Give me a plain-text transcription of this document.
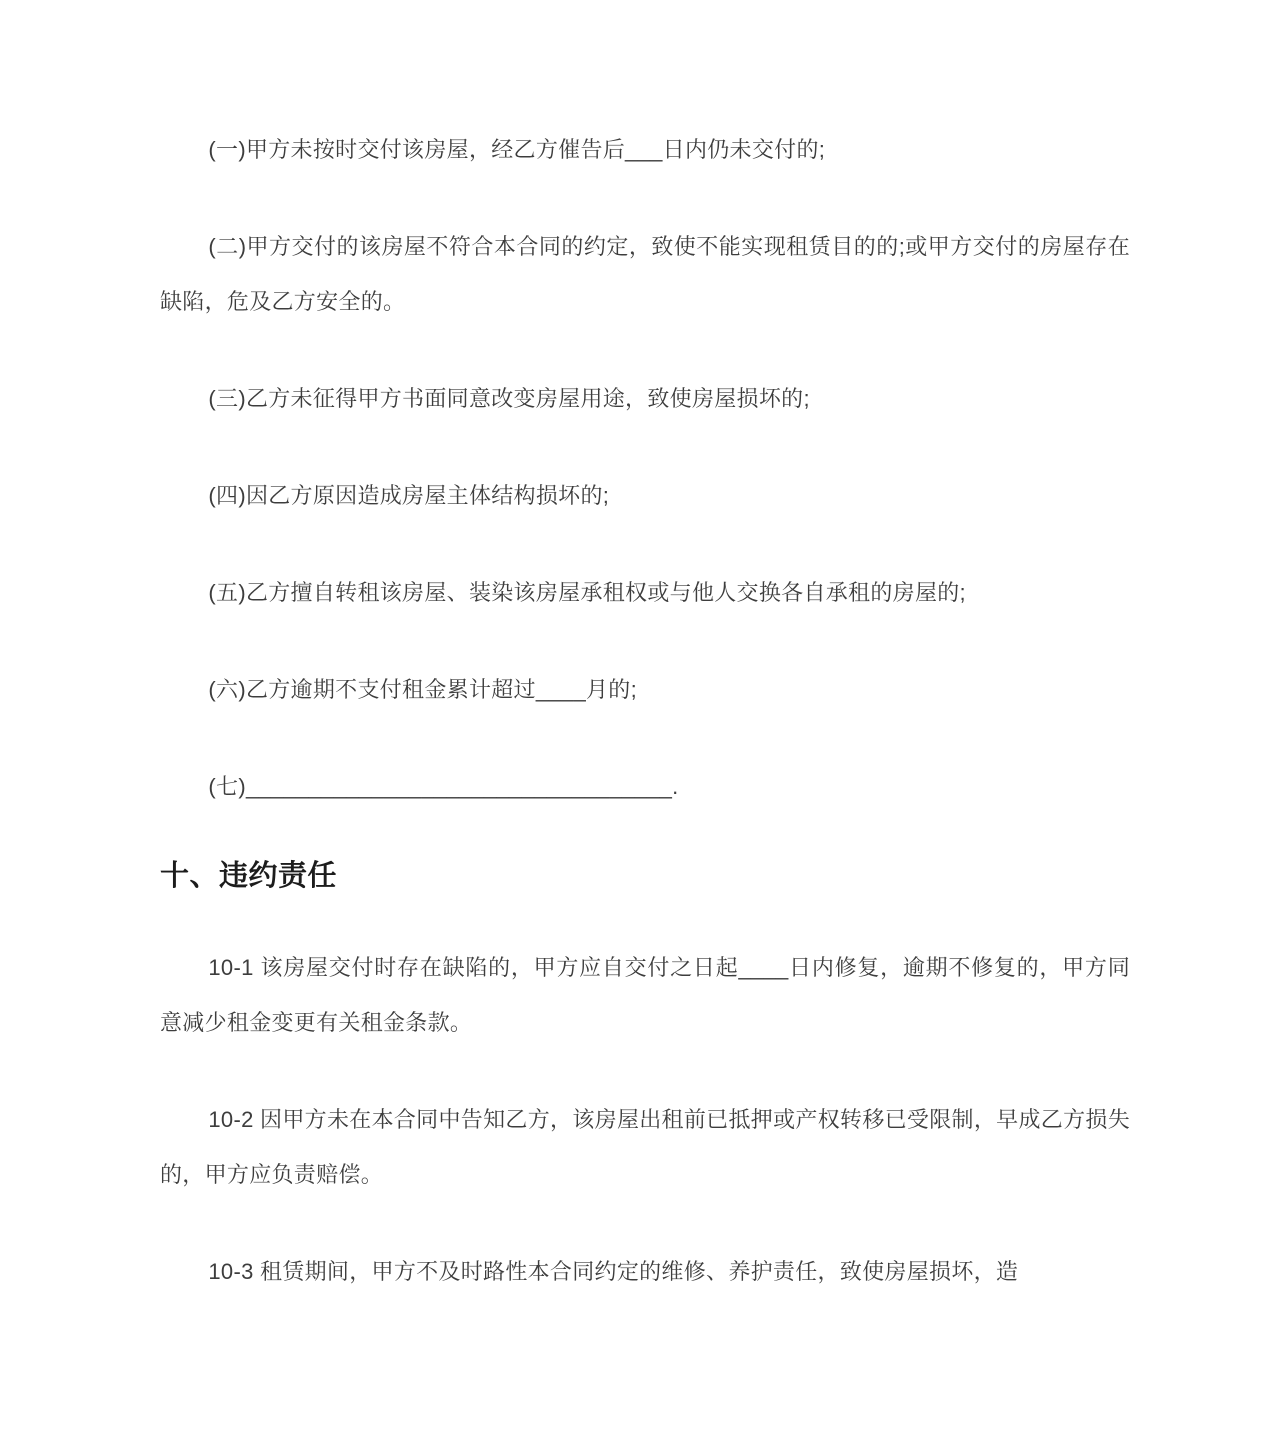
(一)甲方未按时交付该房屋，经乙方催告后___日内仍未交付的;

(二)甲方交付的该房屋不符合本合同的约定，致使不能实现租赁目的的;或甲方交付的房屋存在缺陷，危及乙方安全的。

(三)乙方未征得甲方书面同意改变房屋用途，致使房屋损坏的;

(四)因乙方原因造成房屋主体结构损坏的;

(五)乙方擅自转租该房屋、装染该房屋承租权或与他人交换各自承租的房屋的;

(六)乙方逾期不支付租金累计超过____月的;

(七)__________________________________.

十、违约责任

10-1 该房屋交付时存在缺陷的，甲方应自交付之日起____日内修复，逾期不修复的，甲方同意减少租金变更有关租金条款。

10-2 因甲方未在本合同中告知乙方，该房屋出租前已抵押或产权转移已受限制，早成乙方损失的，甲方应负责赔偿。

10-3 租赁期间，甲方不及时路性本合同约定的维修、养护责任，致使房屋损坏，造
